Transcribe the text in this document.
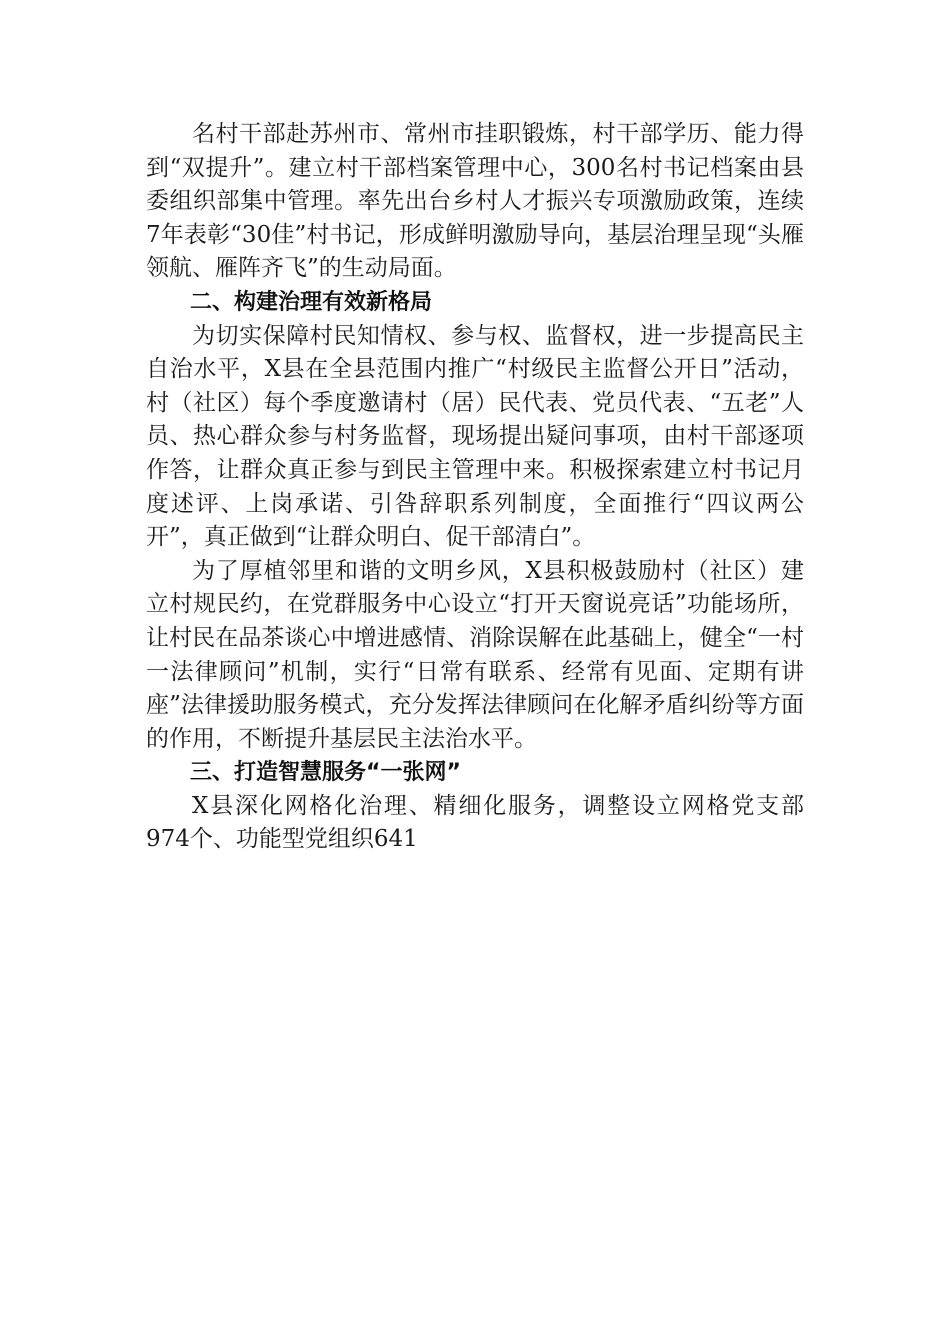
名村干部赴苏州市、常州市挂职锻炼，村干部学历、能力得到“双提升”。建立村干部档案管理中心，300名村书记档案由县委组织部集中管理。率先出台乡村人才振兴专项激励政策，连续7年表彰“30佳”村书记，形成鲜明激励导向，基层治理呈现“头雁领航、雁阵齐飞”的生动局面。

二、构建治理有效新格局

为切实保障村民知情权、参与权、监督权，进一步提高民主自治水平，X县在全县范围内推广“村级民主监督公开日”活动，村（社区）每个季度邀请村（居）民代表、党员代表、“五老”人员、热心群众参与村务监督，现场提出疑问事项，由村干部逐项作答，让群众真正参与到民主管理中来。积极探索建立村书记月度述评、上岗承诺、引咎辞职系列制度，全面推行“四议两公开”，真正做到“让群众明白、促干部清白”。

为了厚植邻里和谐的文明乡风，X县积极鼓励村（社区）建立村规民约，在党群服务中心设立“打开天窗说亮话”功能场所，让村民在品茶谈心中增进感情、消除误解在此基础上，健全“一村一法律顾问”机制，实行“日常有联系、经常有见面、定期有讲座”法律援助服务模式，充分发挥法律顾问在化解矛盾纠纷等方面的作用，不断提升基层民主法治水平。

三、打造智慧服务“一张网”

X县深化网格化治理、精细化服务，调整设立网格党支部974个、功能型党组织641
